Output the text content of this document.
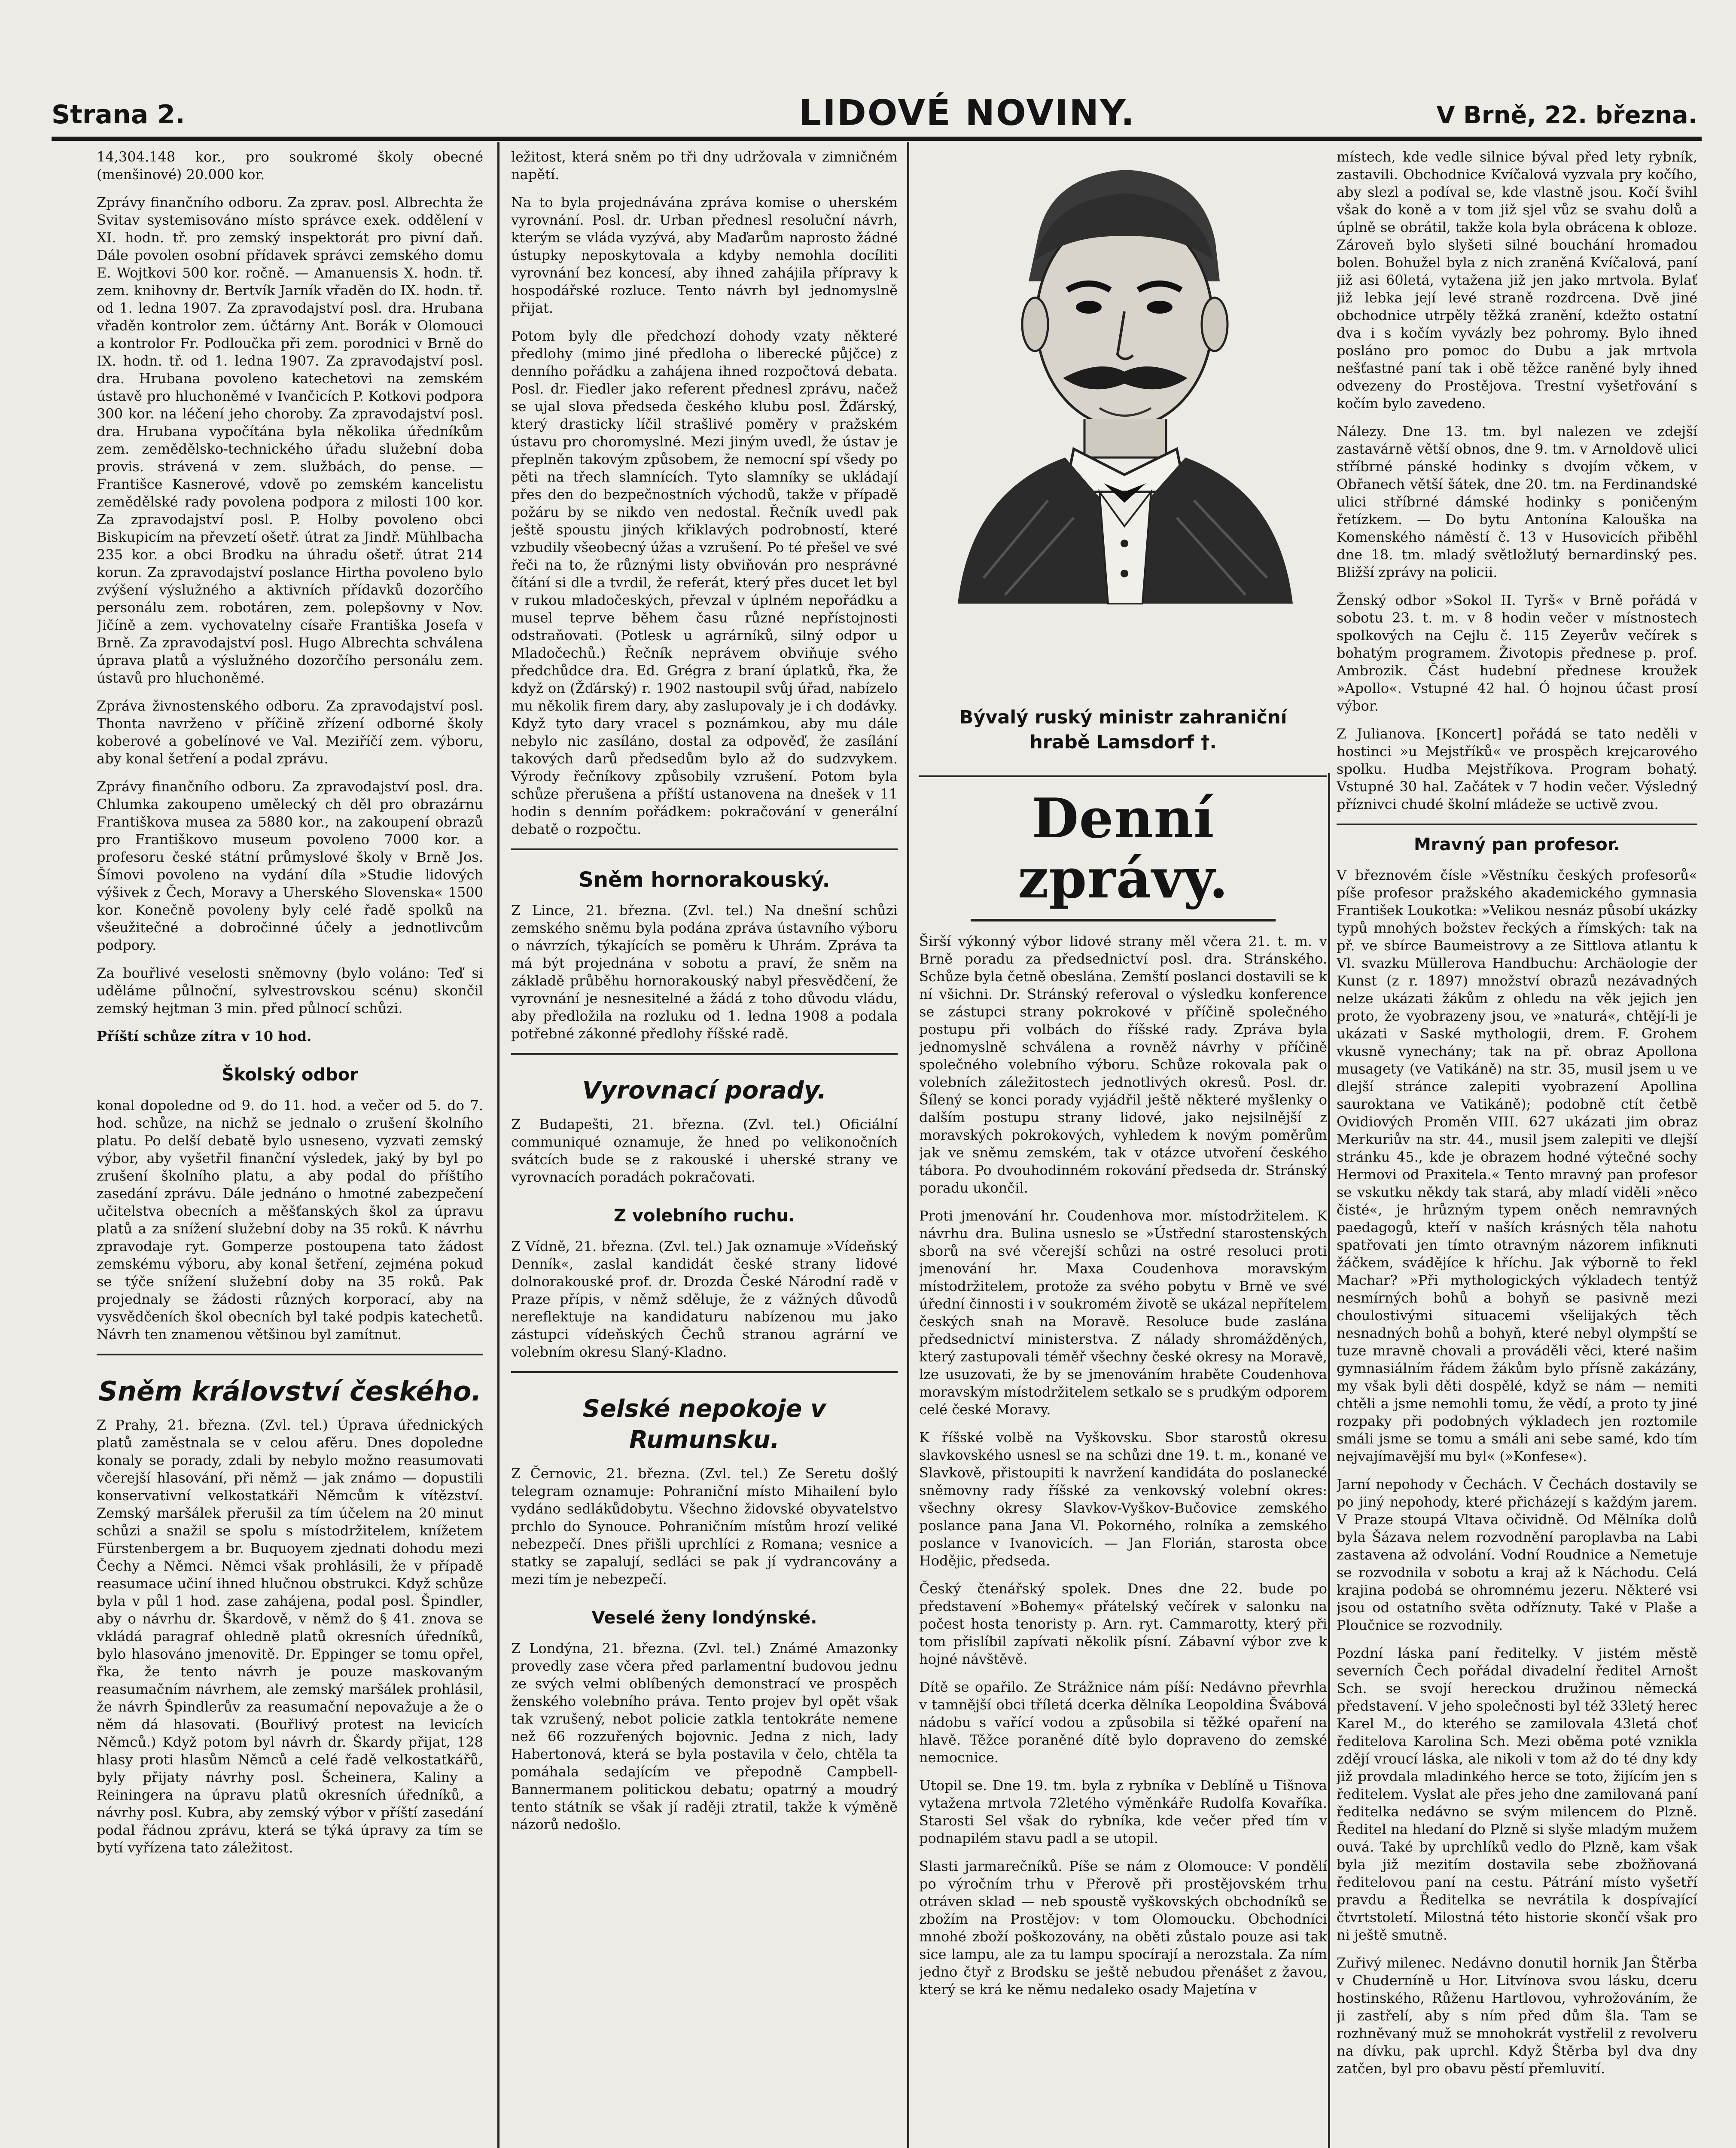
Strana 2.	LIDOVÉ NOVINY.	V Brně, 22. března.

14,304.148 kor., pro soukromé školy obecné (menšinové) 20.000 kor.

Zprávy finančního odboru. Za zprav. posl. Albrechta že Svitav systemisováno místo správce exek. oddělení v XI. hodn. tř. pro zemský inspektorát pro pivní daň. Dále povolen osobní přídavek správci zemského domu E. Wojtkovi 500 kor. ročně. — Amanuensis X. hodn. tř. zem. knihovny dr. Bertvík Jarník vřaděn do IX. hodn. tř. od 1. ledna 1907. Za zpravodajství posl. dra. Hrubana vřaděn kontrolor zem. účtárny Ant. Borák v Olomouci a kontrolor Fr. Podloučka při zem. porodnici v Brně do IX. hodn. tř. od 1. ledna 1907. Za zpravodajství posl. dra. Hrubana povoleno katechetovi na zemském ústavě pro hluchoněmé v Ivančicích P. Kotkovi podpora 300 kor. na léčení jeho choroby. Za zpravodajství posl. dra. Hrubana vypočítána byla několika úředníkům zem. zemědělsko-technického úřadu služební doba provis. strávená v zem. službách, do pense. — Františce Kasnerové, vdově po zemském kancelistu zemědělské rady povolena podpora z milosti 100 kor. Za zpravodajství posl. P. Holby povoleno obci Biskupicím na převzetí ošetř. útrat za Jindř. Mühlbacha 235 kor. a obci Brodku na úhradu ošetř. útrat 214 korun. Za zpravodajství poslance Hirtha povoleno bylo zvýšení výslužného a aktivních přídavků dozorčího personálu zem. robotáren, zem. polepšovny v Nov. Jičíně a zem. vychovatelny císaře Františka Josefa v Brně. Za zpravodajství posl. Hugo Albrechta schválena úprava platů a výslužného dozorčího personálu zem. ústavů pro hluchoněmé.

Zpráva živnostenského odboru. Za zpravodajství posl. Thonta navrženo v příčině zřízení odborné školy koberové a gobelínové ve Val. Meziříčí zem. výboru, aby konal šetření a podal zprávu.

Zprávy finančního odboru. Za zpravodajství posl. dra. Chlumka zakoupeno umělecký ch děl pro obrazárnu Františkova musea za 5880 kor., na zakoupení obrazů pro Františkovo museum povoleno 7000 kor. a profesoru české státní průmyslové školy v Brně Jos. Šímovi povoleno na vydání díla »Studie lidových výšivek z Čech, Moravy a Uherského Slovenska« 1500 kor. Konečně povoleny byly celé řadě spolků na všeužitečné a dobročinné účely a jednotlivcům podpory.

Za bouřlivé veselosti sněmovny (bylo voláno: Teď si uděláme půlnoční, sylvestrovskou scénu) skončil zemský hejtman 3 min. před půlnocí schůzi.

Příští schůze zítra v 10 hod.

Školský odbor

konal dopoledne od 9. do 11. hod. a večer od 5. do 7. hod. schůze, na nichž se jednalo o zrušení školního platu. Po delší debatě bylo usneseno, vyzvati zemský výbor, aby vyšetřil finanční výsledek, jaký by byl po zrušení školního platu, a aby podal do příštího zasedání zprávu. Dále jednáno o hmotné zabezpečení učitelstva obecních a měšťanských škol za úpravu platů a za snížení služební doby na 35 roků. K návrhu zpravodaje ryt. Gomperze postoupena tato žádost zemskému výboru, aby konal šetření, zejména pokud se týče snížení služební doby na 35 roků. Pak projednaly se žádosti různých korporací, aby na vysvědčeních škol obecních byl také podpis katechetů. Návrh ten znamenou většinou byl zamítnut.

Sněm království českého.

Z Prahy, 21. března. (Zvl. tel.) Úprava úřednických platů zaměstnala se v celou afěru. Dnes dopoledne konaly se porady, zdali by nebylo možno reasumovati včerejší hlasování, při němž — jak známo — dopustili konservativní velkostatkáři Němcům k vítězství. Zemský maršálek přerušil za tím účelem na 20 minut schůzi a snažil se spolu s místodržitelem, knížetem Fürstenbergem a br. Buquoyem zjednati dohodu mezi Čechy a Němci. Němci však prohlásili, že v případě reasumace učiní ihned hlučnou obstrukci. Když schůze byla v půl 1 hod. zase zahájena, podal posl. Špindler, aby o návrhu dr. Škardově, v němž do § 41. znova se vkládá paragraf ohledně platů okresních úředníků, bylo hlasováno jmenovitě. Dr. Eppinger se tomu opřel, řka, že tento návrh je pouze maskovaným reasumačním návrhem, ale zemský maršálek prohlásil, že návrh Špindlerův za reasumační nepovažuje a že o něm dá hlasovati. (Bouřlivý protest na levicích Němců.) Když potom byl návrh dr. Škardy přijat, 128 hlasy proti hlasům Němců a celé řadě velkostatkářů, byly přijaty návrhy posl. Šcheinera, Kaliny a Reiningera na úpravu platů okresních úředníků, a návrhy posl. Kubra, aby zemský výbor v příští zasedání podal řádnou zprávu, která se týká úpravy za tím se bytí vyřízena tato záležitost.

ležitost, která sněm po tři dny udržovala v zimničném napětí.

Na to byla projednávána zpráva komise o uherském vyrovnání. Posl. dr. Urban přednesl resoluční návrh, kterým se vláda vyzývá, aby Maďarům naprosto žádné ústupky neposkytovala a kdyby nemohla docíliti vyrovnání bez koncesí, aby ihned zahájila přípravy k hospodářské rozluce. Tento návrh byl jednomyslně přijat.

Potom byly dle předchozí dohody vzaty některé předlohy (mimo jiné předloha o liberecké půjčce) z denního pořádku a zahájena ihned rozpočtová debata. Posl. dr. Fiedler jako referent přednesl zprávu, načež se ujal slova předseda českého klubu posl. Žďárský, který drasticky líčil strašlivé poměry v pražském ústavu pro choromyslné. Mezi jiným uvedl, že ústav je přeplněn takovým způsobem, že nemocní spí všedy po pěti na třech slamnících. Tyto slamníky se ukládají přes den do bezpečnostních východů, takže v případě požáru by se nikdo ven nedostal. Řečník uvedl pak ještě spoustu jiných křiklavých podrobností, které vzbudily všeobecný úžas a vzrušení. Po té přešel ve své řeči na to, že různými listy obviňován pro nesprávné čítání si dle a tvrdil, že referát, který přes ducet let byl v rukou mladočeských, převzal v úplném nepořádku a musel teprve během času různé nepřístojnosti odstraňovati. (Potlesk u agrárníků, silný odpor u Mladočechů.) Řečník neprávem obviňuje svého předchůdce dra. Ed. Grégra z braní úplatků, řka, že když on (Žďárský) r. 1902 nastoupil svůj úřad, nabízelo mu několik firem dary, aby zaslupovaly je i ch dodávky. Když tyto dary vracel s poznámkou, aby mu dále nebylo nic zasíláno, dostal za odpověď, že zasílání takových darů předsedům bylo až do sudzvykem. Výrody řečníkovy způsobily vzrušení. Potom byla schůze přerušena a příští ustanovena na dnešek v 11 hodin s denním pořádkem: pokračování v generální debatě o rozpočtu.

Sněm hornorakouský.

Z Lince, 21. března. (Zvl. tel.) Na dnešní schůzi zemského sněmu byla podána zpráva ústavního výboru o návrzích, týkajících se poměru k Uhrám. Zpráva ta má být projednána v sobotu a praví, že sněm na základě průběhu hornorakouský nabyl přesvědčení, že vyrovnání je nesnesitelné a žádá z toho důvodu vládu, aby předložila na rozluku od 1. ledna 1908 a podala potřebné zákonné předlohy říšské radě.

Vyrovnací porady.

Z Budapešti, 21. března. (Zvl. tel.) Oficiální communiqué oznamuje, že hned po velikonočních svátcích bude se z rakouské i uherské strany ve vyrovnacích poradách pokračovati.

Z volebního ruchu.

Z Vídně, 21. března. (Zvl. tel.) Jak oznamuje »Vídeňský Denník«, zaslal kandidát české strany lidové dolnorakouské prof. dr. Drozda České Národní radě v Praze přípis, v němž sděluje, že z vážných důvodů nereflektuje na kandidaturu nabízenou mu jako zástupci vídeňských Čechů stranou agrární ve volebním okresu Slaný-Kladno.

Selské nepokoje v Rumunsku.

Z Černovic, 21. března. (Zvl. tel.) Ze Seretu došlý telegram oznamuje: Pohraniční místo Mihailení bylo vydáno sedlákůdobytu. Všechno židovské obyvatelstvo prchlo do Synouce. Pohraničním místům hrozí veliké nebezpečí. Dnes přišli uprchlíci z Romana; vesnice a statky se zapalují, sedláci se pak jí vydrancovány a mezi tím je nebezpečí.

Veselé ženy londýnské.

Z Londýna, 21. března. (Zvl. tel.) Známé Amazonky provedly zase včera před parlamentní budovou jednu ze svých velmi oblíbených demonstrací ve prospěch ženského volebního práva. Tento projev byl opět však tak vzrušený, nebot policie zatkla tentokráte nemene než 66 rozzuřených bojovnic. Jedna z nich, lady Habertonová, která se byla postavila v čelo, chtěla ta pomáhala sedajícím ve přepodně Campbell-Bannermanem politickou debatu; opatrný a moudrý tento státník se však jí raději ztratil, takže k výměně názorů nedošlo.

Bývalý ruský ministr zahraniční hrabě Lamsdorf †.
Denní zprávy.

Širší výkonný výbor lidové strany měl včera 21. t. m. v Brně poradu za předsednictví posl. dra. Stránského. Schůze byla četně obeslána. Zemští poslanci dostavili se k ní všichni. Dr. Stránský referoval o výsledku konference se zástupci strany pokrokové v příčině společného postupu při volbách do říšské rady. Zpráva byla jednomyslně schválena a rovněž návrhy v příčině společného volebního výboru. Schůze rokovala pak o volebních záležitostech jednotlivých okresů. Posl. dr. Šílený se konci porady vyjádřil ještě některé myšlenky o dalším postupu strany lidové, jako nejsilnější z moravských pokrokových, vyhledem k novým poměrům jak ve sněmu zemském, tak v otázce utvoření českého tábora. Po dvouhodinném rokování předseda dr. Stránský poradu ukončil.

Proti jmenování hr. Coudenhova mor. místodržitelem. K návrhu dra. Bulina usneslo se »Ústřední starostenských sborů na své včerejší schůzi na ostré resoluci proti jmenování hr. Maxa Coudenhova moravským místodržitelem, protože za svého pobytu v Brně ve své úřední činnosti i v soukromém životě se ukázal nepřítelem českých snah na Moravě. Resoluce bude zaslána předsednictví ministerstva. Z nálady shromážděných, který zastupovali téměř všechny české okresy na Moravě, lze usuzovati, že by se jmenováním hraběte Coudenhova moravským místodržitelem setkalo se s prudkým odporem celé české Moravy.

K říšské volbě na Vyškovsku. Sbor starostů okresu slavkovského usnesl se na schůzi dne 19. t. m., konané ve Slavkově, přistoupiti k navržení kandidáta do poslanecké sněmovny rady říšské za venkovský volební okres: všechny okresy Slavkov-Vyškov-Bučovice zemského poslance pana Jana Vl. Pokorného, rolníka a zemského poslance v Ivanovicích. — Jan Florián, starosta obce Hodějic, předseda.

Český čtenářský spolek. Dnes dne 22. bude po představení »Bohemy« přátelský večírek v salonku na počest hosta tenoristy p. Arn. ryt. Cammarotty, který při tom přislíbil zapívati několik písní. Zábavní výbor zve k hojné návštěvě.

Dítě se opařilo. Ze Strážnice nám píší: Nedávno převrhla v tamnější obci tříletá dcerka dělníka Leopoldina Švábová nádobu s vařící vodou a způsobila si těžké opaření na hlavě. Těžce poraněné dítě bylo dopraveno do zemské nemocnice.

Utopil se. Dne 19. tm. byla z rybníka v Deblíně u Tišnova vytažena mrtvola 72letého výměnkáře Rudolfa Kovaříka. Starosti Sel však do rybníka, kde večer před tím v podnapilém stavu padl a se utopil.

Slasti jarmarečníků. Píše se nám z Olomouce: V pondělí po výročním trhu v Přerově při prostějovském trhu otráven sklad — neb spoustě vyškovských obchodníků se zbožím na Prostějov: v tom Olomoucku. Obchodníci mnohé zboží poškozovány, na oběti zůstalo pouze asi tak sice lampu, ale za tu lampu spocírají a nerozstala. Za ním jedno čtyř z Brodsku se ještě nebudou přenášet z žavou, který se krá ke němu nedaleko osady Majetína v

místech, kde vedle silnice býval před lety rybník, zastavili. Obchodnice Kvíčalová vyzvala pry kočího, aby slezl a podíval se, kde vlastně jsou. Kočí švihl však do koně a v tom již sjel vůz se svahu dolů a úplně se obrátil, takže kola byla obrácena k obloze. Zároveň bylo slyšeti silné bouchání hromadou bolen. Bohužel byla z nich zraněná Kvíčalová, paní již asi 60letá, vytažena již jen jako mrtvola. Bylať již lebka její levé straně rozdrcena. Dvě jiné obchodnice utrpěly těžká zranění, kdežto ostatní dva i s kočím vyvázly bez pohromy. Bylo ihned posláno pro pomoc do Dubu a jak mrtvola nešťastné paní tak i obě těžce raněné byly ihned odvezeny do Prostějova. Trestní vyšetřování s kočím bylo zavedeno.

Nálezy. Dne 13. tm. byl nalezen ve zdejší zastavárně větší obnos, dne 9. tm. v Arnoldově ulici stříbrné pánské hodinky s dvojím včkem, v Obřanech větší šátek, dne 20. tm. na Ferdinandské ulici stříbrné dámské hodinky s poničeným řetízkem. — Do bytu Antonína Kalouška na Komenského náměstí č. 13 v Husovicích přiběhl dne 18. tm. mladý světložlutý bernardinský pes. Bližší zprávy na policii.

Ženský odbor »Sokol II. Tyrš« v Brně pořádá v sobotu 23. t. m. v 8 hodin večer v místnostech spolkových na Cejlu č. 115 Zeyerův večírek s bohatým programem. Životopis přednese p. prof. Ambrozik. Část hudební přednese kroužek »Apollo«. Vstupné 42 hal. Ó hojnou účast prosí výbor.

Z Julianova. [Koncert] pořádá se tato neděli v hostinci »u Mejstříků« ve prospěch krejcarového spolku. Hudba Mejstříkova. Program bohatý. Vstupné 30 hal. Začátek v 7 hodin večer. Výsledný příznivci chudé školní mládeže se uctivě zvou.

Mravný pan profesor.

V březnovém čísle »Věstníku českých profesorů« píše profesor pražského akademického gymnasia František Loukotka: »Velikou nesnáz působí ukázky typů mnohých božstev řeckých a římských: tak na př. ve sbírce Baumeistrovy a ze Sittlova atlantu k Vl. svazku Müllerova Handbuchu: Archäologie der Kunst (z r. 1897) množství obrazů nezávadných nelze ukázati žákům z ohledu na věk jejich jen proto, že vyobrazeny jsou, ve »naturá«, chtějí-li je ukázati v Saské mythologii, drem. F. Grohem vkusně vynechány; tak na př. obraz Apollona musagety (ve Vatikáně) na str. 35, musil jsem u ve dlejší stránce zalepiti vyobrazení Apollina sauroktana ve Vatikáně); podobně ctít četbě Ovidiových Proměn VIII. 627 ukázati jim obraz Merkuriův na str. 44., musil jsem zalepiti ve dlejší stránku 45., kde je obrazem hodné výtečné sochy Hermovi od Praxitela.« Tento mravný pan profesor se vskutku někdy tak stará, aby mladí viděli »něco čisté«, je hrůzným typem oněch nemravných paedagogů, kteří v naších krásných těla nahotu spatřovati jen tímto otravným názorem infiknuti žáčkem, svádějíce k hříchu. Jak výborně to řekl Machar? »Při mythologických výkladech tentýž nesmírných bohů a bohyň se pasivně mezi choulostivými situacemi všelijakých těch nesnadných bohů a bohyň, které nebyl olympští se tuze mravně chovali a prováděli věci, které našim gymnasiálním řádem žákům bylo přísně zakázány, my však byli děti dospělé, když se nám — nemiti chtěli a jsme nemohli tomu, že vědí, a proto ty jiné rozpaky při podobných výkladech jen roztomile smáli jsme se tomu a smáli ani sebe samé, kdo tím nejvajímavější mu byl« (»Konfese«).

Jarní nepohody v Čechách. V Čechách dostavily se po jiný nepohody, které přicházejí s každým jarem. V Praze stoupá Vltava očividně. Od Mělníka dolů byla Šázava nelem rozvodnění paroplavba na Labi zastavena až odvolání. Vodní Roudnice a Nemetuje se rozvodnila v sobotu a kraj až k Náchodu. Celá krajina podobá se ohromnému jezeru. Některé vsi jsou od ostatního světa odříznuty. Také v Plaše a Ploučnice se rozvodnily.

Pozdní láska paní ředitelky. V jistém městě severních Čech pořádal divadelní ředitel Arnošt Sch. se svojí hereckou družinou německá představení. V jeho společnosti byl též 33letý herec Karel M., do kterého se zamilovala 43letá choť ředitelova Karolina Sch. Mezi oběma poté vznikla zdějí vroucí láska, ale nikoli v tom až do té dny kdy již provdala mladinkého herce se toto, žijícím jen s ředitelem. Vyslat ale přes jeho dne zamilovaná paní ředitelka nedávno se svým milencem do Plzně. Ředitel na hledaní do Plzně si slyše mladým mužem ouvá. Také by uprchlíků vedlo do Plzně, kam však byla již mezitím dostavila sebe zbožňovaná ředitelovou paní na cestu. Pátrání místo vyšetří pravdu a Ředitelka se nevrátila k dospívající čtvrtstoletí. Milostná této historie skončí však pro ni ještě smutně.

Zuřivý milenec. Nedávno donutil hornik Jan Štěrba v Chuderníně u Hor. Litvínova svou lásku, dceru hostinského, Růženu Hartlovou, vyhrožováním, že ji zastřelí, aby s ním před dům šla. Tam se rozhněvaný muž se mnohokrát vystřelil z revolveru na dívku, pak uprchl. Když Štěrba byl dva dny zatčen, byl pro obavu pěstí přemluvití.
